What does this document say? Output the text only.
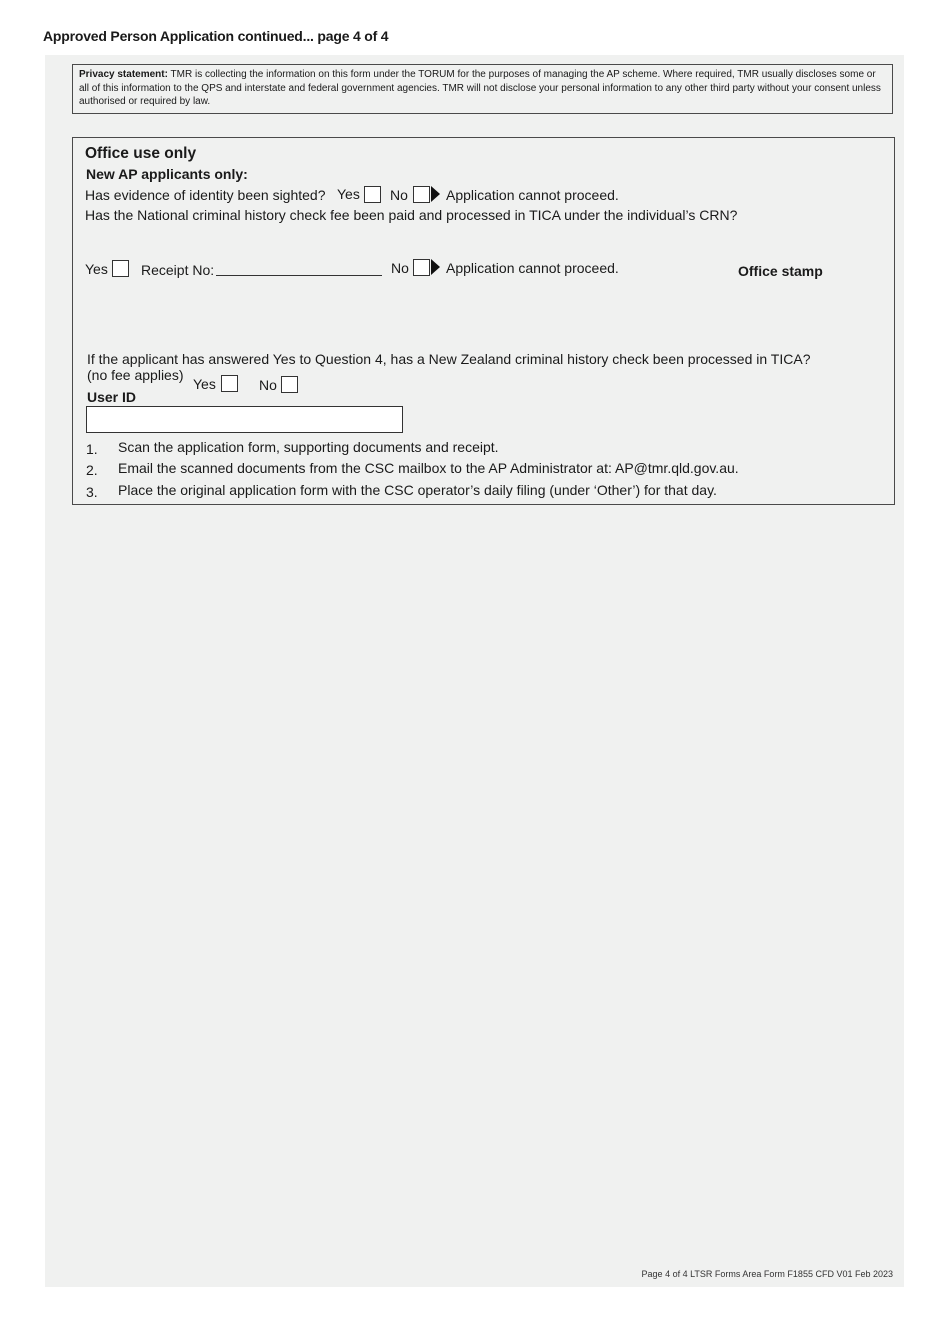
Approved Person Application continued... page 4 of 4
Privacy statement: TMR is collecting the information on this form under the TORUM for the purposes of managing the AP scheme. Where required, TMR usually discloses some or all of this information to the QPS and interstate and federal government agencies. TMR will not disclose your personal information to any other third party without your consent unless authorised or required by law.
Office use only
New AP applicants only:
Has evidence of identity been sighted? Yes No	Application cannot proceed.
Has the National criminal history check fee been paid and processed in TICA under the individual’s CRN?
Yes Receipt No:	No	Application cannot proceed.	Office stamp
If the applicant has answered Yes to Question 4, has a New Zealand criminal history check been processed in TICA?
(no fee applies)
Yes	No
User ID
1. Scan the application form, supporting documents and receipt.
2. Email the scanned documents from the CSC mailbox to the AP Administrator at: AP@tmr.qld.gov.au.
3. Place the original application form with the CSC operator’s daily filing (under ‘Other’) for that day.
Page 4 of 4 LTSR Forms Area Form F1855 CFD V01 Feb 2023
